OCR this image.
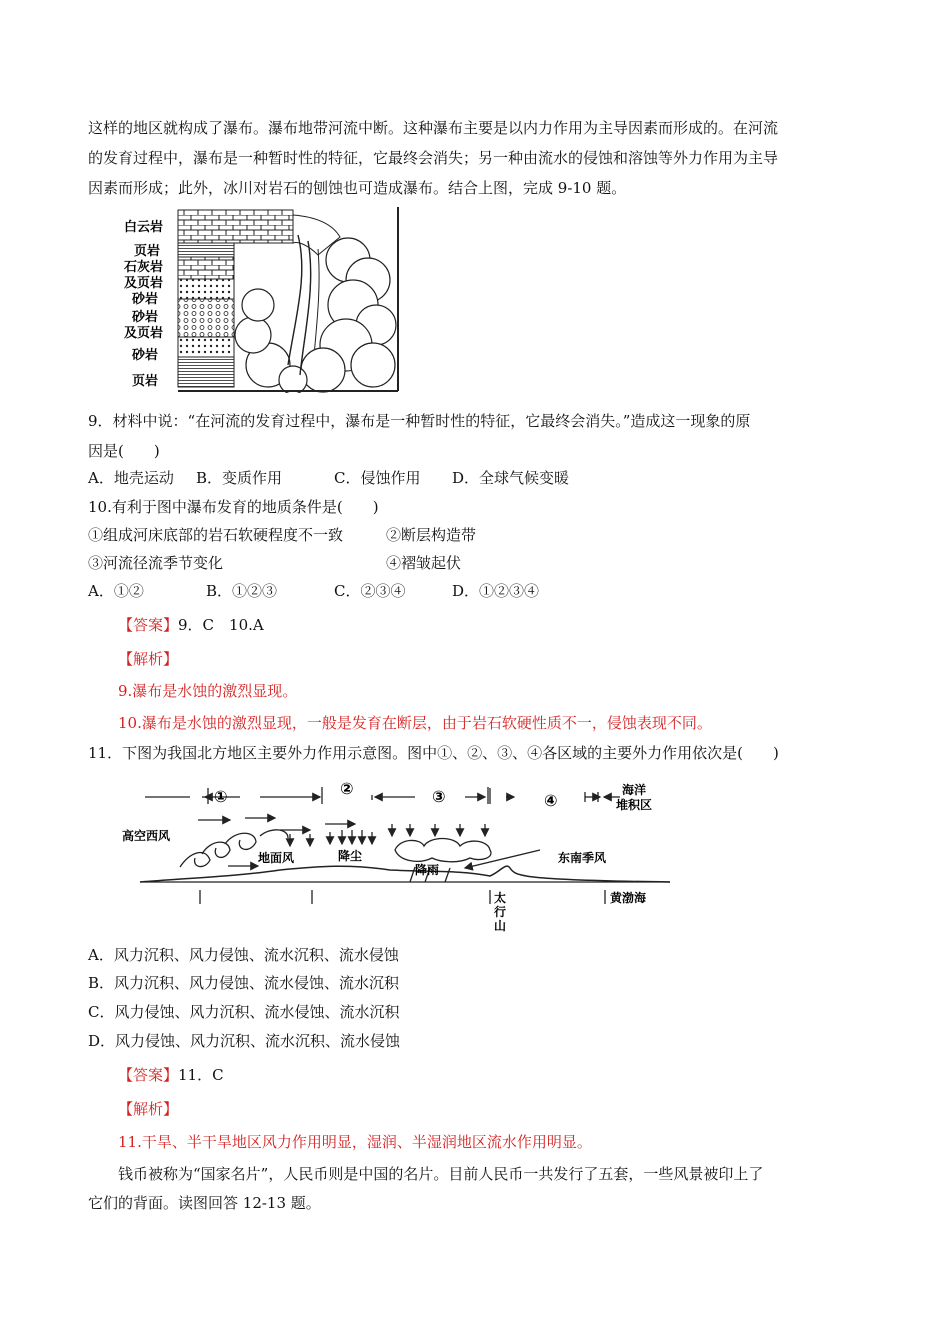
这样的地区就构成了瀑布。瀑布地带河流中断。这种瀑布主要是以内力作用为主导因素而形成的。在河流
的发育过程中，瀑布是一种暂时性的特征，它最终会消失；另一种由流水的侵蚀和溶蚀等外力作用为主导
因素而形成；此外，冰川对岩石的刨蚀也可造成瀑布。结合上图，完成 9-10 题。
白云岩
页岩
石灰岩
及页岩
砂岩
砂岩
及页岩
砂岩
页岩
9．材料中说：“在河流的发育过程中，瀑布是一种暂时性的特征，它最终会消失。”造成这一现象的原
因是(　　)
A．地壳运动 B．变质作用	C．侵蚀作用 D．全球气候变暖
10.有利于图中瀑布发育的地质条件是(　　)
①组成河床底部的岩石软硬程度不一致	②断层构造带
③河流径流季节变化	④褶皱起伏
A．①②	B．①②③	C．②③④	D．①②③④
【答案】9．C　10.A
【解析】
9.瀑布是水蚀的激烈显现。
10.瀑布是水蚀的激烈显现，一般是发育在断层，由于岩石软硬性质不一，侵蚀表现不同。
11．下图为我国北方地区主要外力作用示意图。图中①、②、③、④各区域的主要外力作用依次是(　　)
①	②	③	④
海洋
堆积区
高空西风
地面风	降尘
降雨
东南季风
太
行
山
黄渤海
A．风力沉积、风力侵蚀、流水沉积、流水侵蚀
B．风力沉积、风力侵蚀、流水侵蚀、流水沉积
C．风力侵蚀、风力沉积、流水侵蚀、流水沉积
D．风力侵蚀、风力沉积、流水沉积、流水侵蚀
【答案】11．C
【解析】
11.干旱、半干旱地区风力作用明显，湿润、半湿润地区流水作用明显。
钱币被称为“国家名片”，人民币则是中国的名片。目前人民币一共发行了五套，一些风景被印上了
它们的背面。读图回答 12-13 题。
